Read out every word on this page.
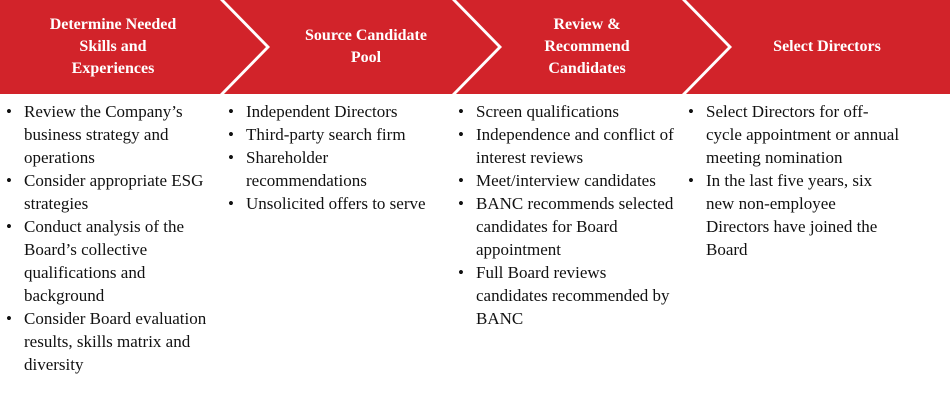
Determine Needed
Skills and
Experiences
Source Candidate
Pool
Review &
Recommend
Candidates
Select Directors
• Review the Company’s business strategy and operations
• Consider appropriate ESG strategies
• Conduct analysis of the Board’s collective qualifications and background
• Consider Board evaluation results, skills matrix and diversity
• Independent Directors
• Third-party search firm
• Shareholder recommendations
• Unsolicited offers to serve
• Screen qualifications
• Independence and conflict of interest reviews
• Meet/interview candidates
• BANC recommends selected candidates for Board appointment
• Full Board reviews candidates recommended by BANC
• Select Directors for off-cycle appointment or annual meeting nomination
• In the last five years, six new non-employee Directors have joined the Board
